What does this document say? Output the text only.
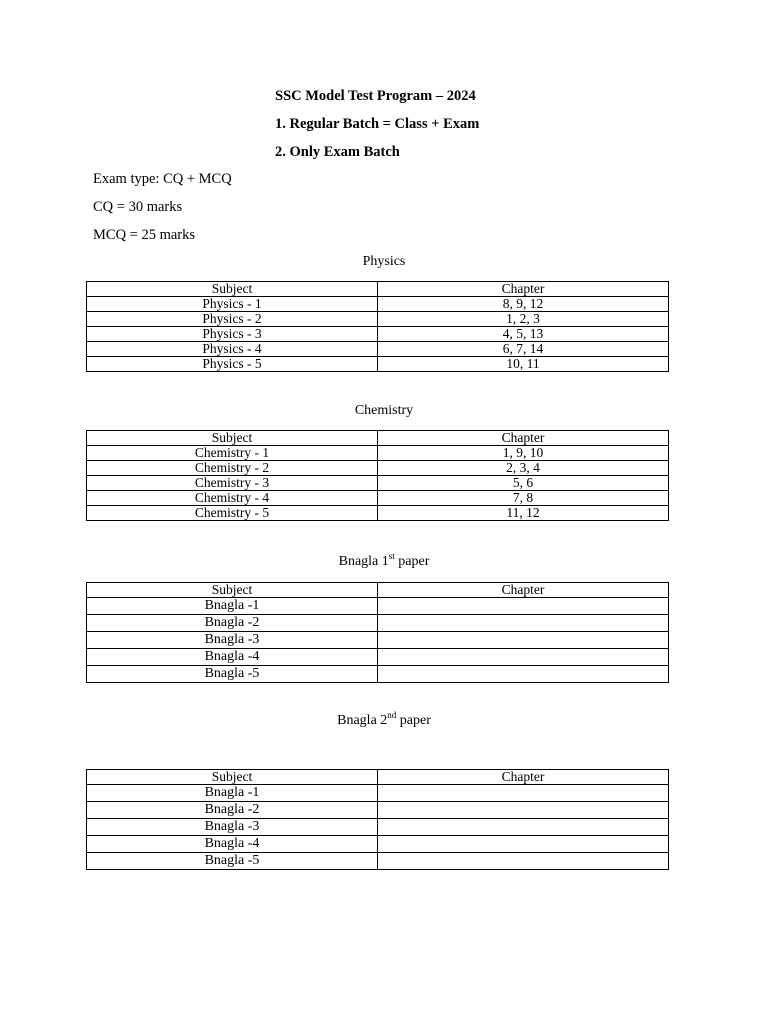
SSC Model Test Program – 2024
1. Regular Batch = Class + Exam
2. Only Exam Batch
Exam type: CQ + MCQ
CQ = 30 marks
MCQ = 25 marks
Physics
Subject	Chapter
Physics - 1	8, 9, 12
Physics - 2	1, 2, 3
Physics - 3	4, 5, 13
Physics - 4	6, 7, 14
Physics - 5	10, 11
Chemistry
Subject	Chapter
Chemistry - 1	1, 9, 10
Chemistry - 2	2, 3, 4
Chemistry - 3	5, 6
Chemistry - 4	7, 8
Chemistry - 5	11, 12
Bnagla 1st paper
Subject	Chapter
Bnagla -1	
Bnagla -2	
Bnagla -3	
Bnagla -4	
Bnagla -5	
Bnagla 2nd paper
Subject	Chapter
Bnagla -1	
Bnagla -2	
Bnagla -3	
Bnagla -4	
Bnagla -5	
